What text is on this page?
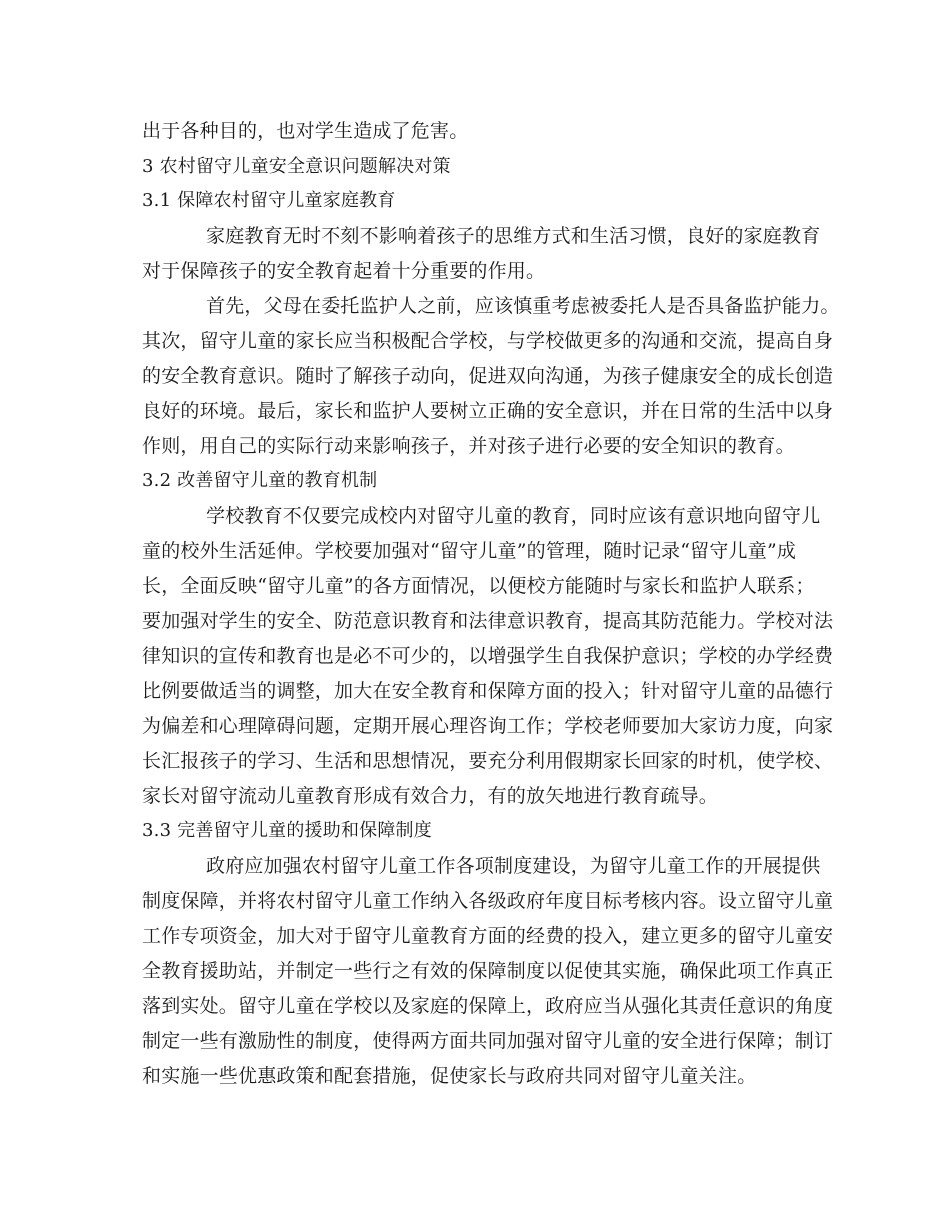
出于各种目的，也对学生造成了危害。
3 农村留守儿童安全意识问题解决对策
3.1 保障农村留守儿童家庭教育
家庭教育无时不刻不影响着孩子的思维方式和生活习惯，良好的家庭教育
对于保障孩子的安全教育起着十分重要的作用。
首先，父母在委托监护人之前，应该慎重考虑被委托人是否具备监护能力。
其次，留守儿童的家长应当积极配合学校，与学校做更多的沟通和交流，提高自身
的安全教育意识。随时了解孩子动向，促进双向沟通，为孩子健康安全的成长创造
良好的环境。最后，家长和监护人要树立正确的安全意识，并在日常的生活中以身
作则，用自己的实际行动来影响孩子，并对孩子进行必要的安全知识的教育。
3.2 改善留守儿童的教育机制
学校教育不仅要完成校内对留守儿童的教育，同时应该有意识地向留守儿
童的校外生活延伸。学校要加强对“留守儿童”的管理，随时记录“留守儿童”成
长，全面反映“留守儿童”的各方面情况，以便校方能随时与家长和监护人联系；
要加强对学生的安全、防范意识教育和法律意识教育，提高其防范能力。学校对法
律知识的宣传和教育也是必不可少的，以增强学生自我保护意识；学校的办学经费
比例要做适当的调整，加大在安全教育和保障方面的投入；针对留守儿童的品德行
为偏差和心理障碍问题，定期开展心理咨询工作；学校老师要加大家访力度，向家
长汇报孩子的学习、生活和思想情况，要充分利用假期家长回家的时机，使学校、
家长对留守流动儿童教育形成有效合力，有的放矢地进行教育疏导。
3.3 完善留守儿童的援助和保障制度
政府应加强农村留守儿童工作各项制度建设，为留守儿童工作的开展提供
制度保障，并将农村留守儿童工作纳入各级政府年度目标考核内容。设立留守儿童
工作专项资金，加大对于留守儿童教育方面的经费的投入，建立更多的留守儿童安
全教育援助站，并制定一些行之有效的保障制度以促使其实施，确保此项工作真正
落到实处。留守儿童在学校以及家庭的保障上，政府应当从强化其责任意识的角度
制定一些有激励性的制度，使得两方面共同加强对留守儿童的安全进行保障；制订
和实施一些优惠政策和配套措施，促使家长与政府共同对留守儿童关注。
